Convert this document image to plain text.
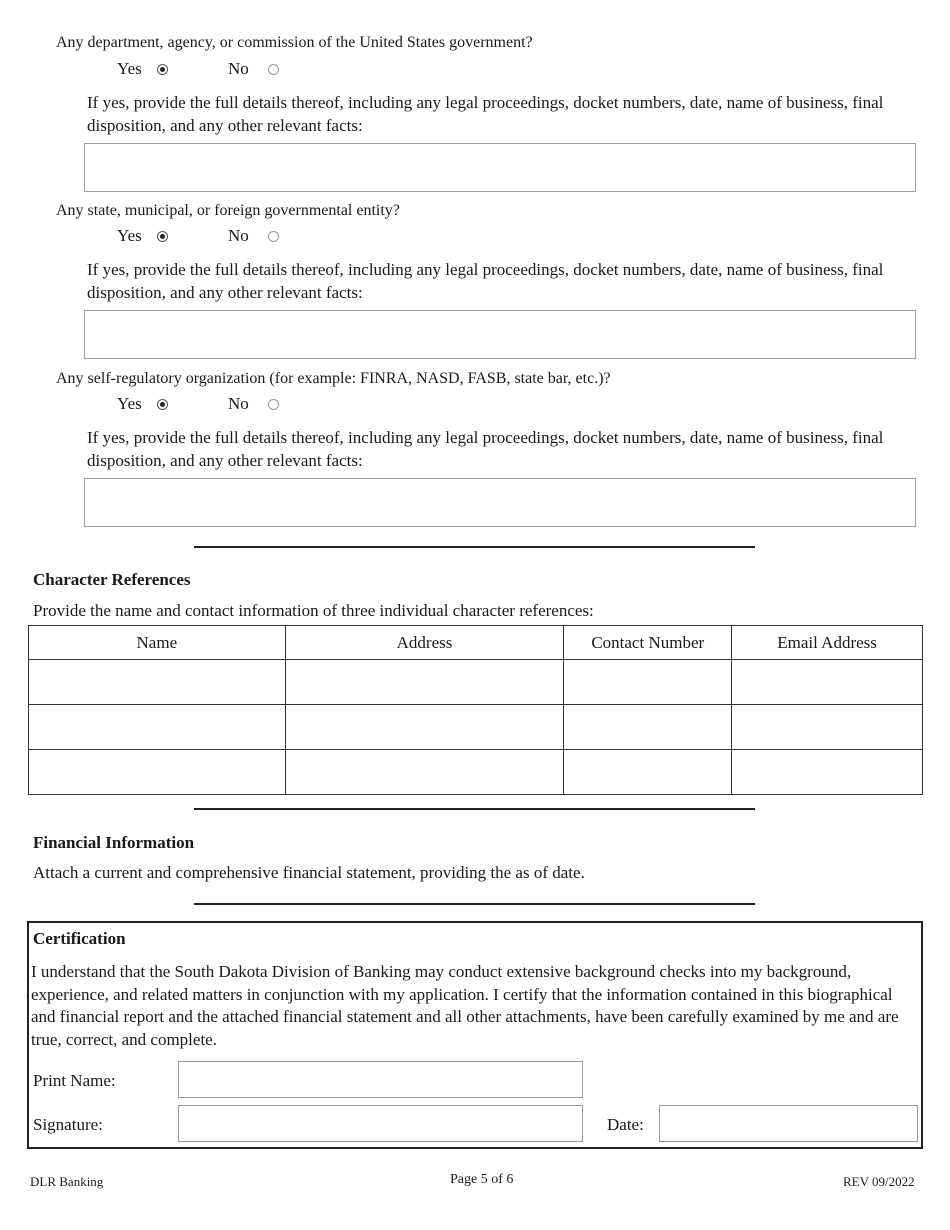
Any department, agency, or commission of the United States government?
Yes	No
If yes, provide the full details thereof, including any legal proceedings, docket numbers, date, name of business, final disposition, and any other relevant facts:
Any state, municipal, or foreign governmental entity?
Yes	No
If yes, provide the full details thereof, including any legal proceedings, docket numbers, date, name of business, final disposition, and any other relevant facts:
Any self-regulatory organization (for example: FINRA, NASD, FASB, state bar, etc.)?
Yes	No
If yes, provide the full details thereof, including any legal proceedings, docket numbers, date, name of business, final disposition, and any other relevant facts:
Character References
Provide the name and contact information of three individual character references:
Name	Address	Contact Number	Email Address

Financial Information
Attach a current and comprehensive financial statement, providing the as of date.
Certification
I understand that the South Dakota Division of Banking may conduct extensive background checks into my background, experience, and related matters in conjunction with my application. I certify that the information contained in this biographical and financial report and the attached financial statement and all other attachments, have been carefully examined by me and are true, correct, and complete.
Print Name:
Signature:	Date:
DLR Banking	Page 5 of 6	REV 09/2022
